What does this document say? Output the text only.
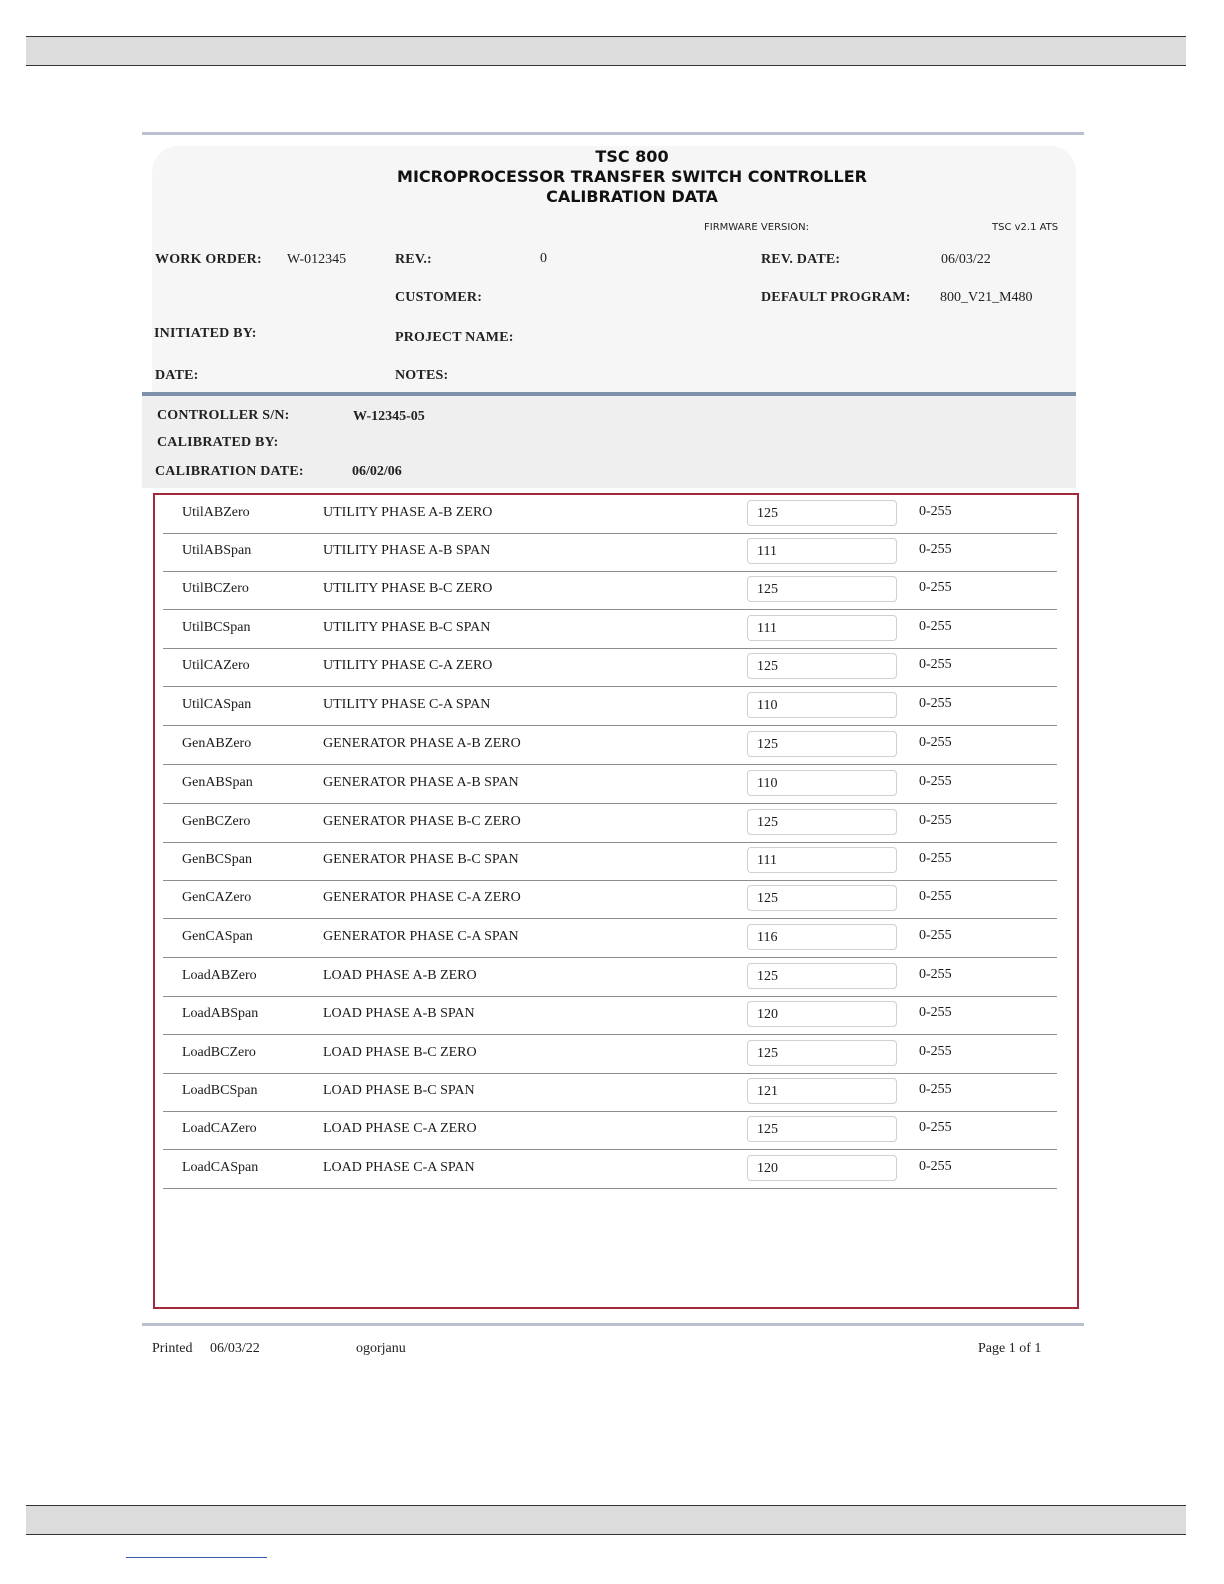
TSC 800
MICROPROCESSOR TRANSFER SWITCH CONTROLLER
CALIBRATION DATA
FIRMWARE VERSION:	TSC v2.1 ATS
WORK ORDER: W-012345	REV.:	0	REV. DATE:	06/03/22
CUSTOMER:	DEFAULT PROGRAM: 800_V21_M480
INITIATED BY:	PROJECT NAME:
DATE:	NOTES:
CONTROLLER S/N:	W-12345-05
CALIBRATED BY:
CALIBRATION DATE:	06/02/06
UtilABZero	UTILITY PHASE A-B ZERO	125	0-255
UtilABSpan	UTILITY PHASE A-B SPAN	111	0-255
UtilBCZero	UTILITY PHASE B-C ZERO	125	0-255
UtilBCSpan	UTILITY PHASE B-C SPAN	111	0-255
UtilCAZero	UTILITY PHASE C-A ZERO	125	0-255
UtilCASpan	UTILITY PHASE C-A SPAN	110	0-255
GenABZero	GENERATOR PHASE A-B ZERO	125	0-255
GenABSpan	GENERATOR PHASE A-B SPAN	110	0-255
GenBCZero	GENERATOR PHASE B-C ZERO	125	0-255
GenBCSpan	GENERATOR PHASE B-C SPAN	111	0-255
GenCAZero	GENERATOR PHASE C-A ZERO	125	0-255
GenCASpan	GENERATOR PHASE C-A SPAN	116	0-255
LoadABZero	LOAD PHASE A-B ZERO	125	0-255
LoadABSpan	LOAD PHASE A-B SPAN	120	0-255
LoadBCZero	LOAD PHASE B-C ZERO	125	0-255
LoadBCSpan	LOAD PHASE B-C SPAN	121	0-255
LoadCAZero	LOAD PHASE C-A ZERO	125	0-255
LoadCASpan	LOAD PHASE C-A SPAN	120	0-255
Printed 06/03/22	ogorjanu	Page 1 of 1
